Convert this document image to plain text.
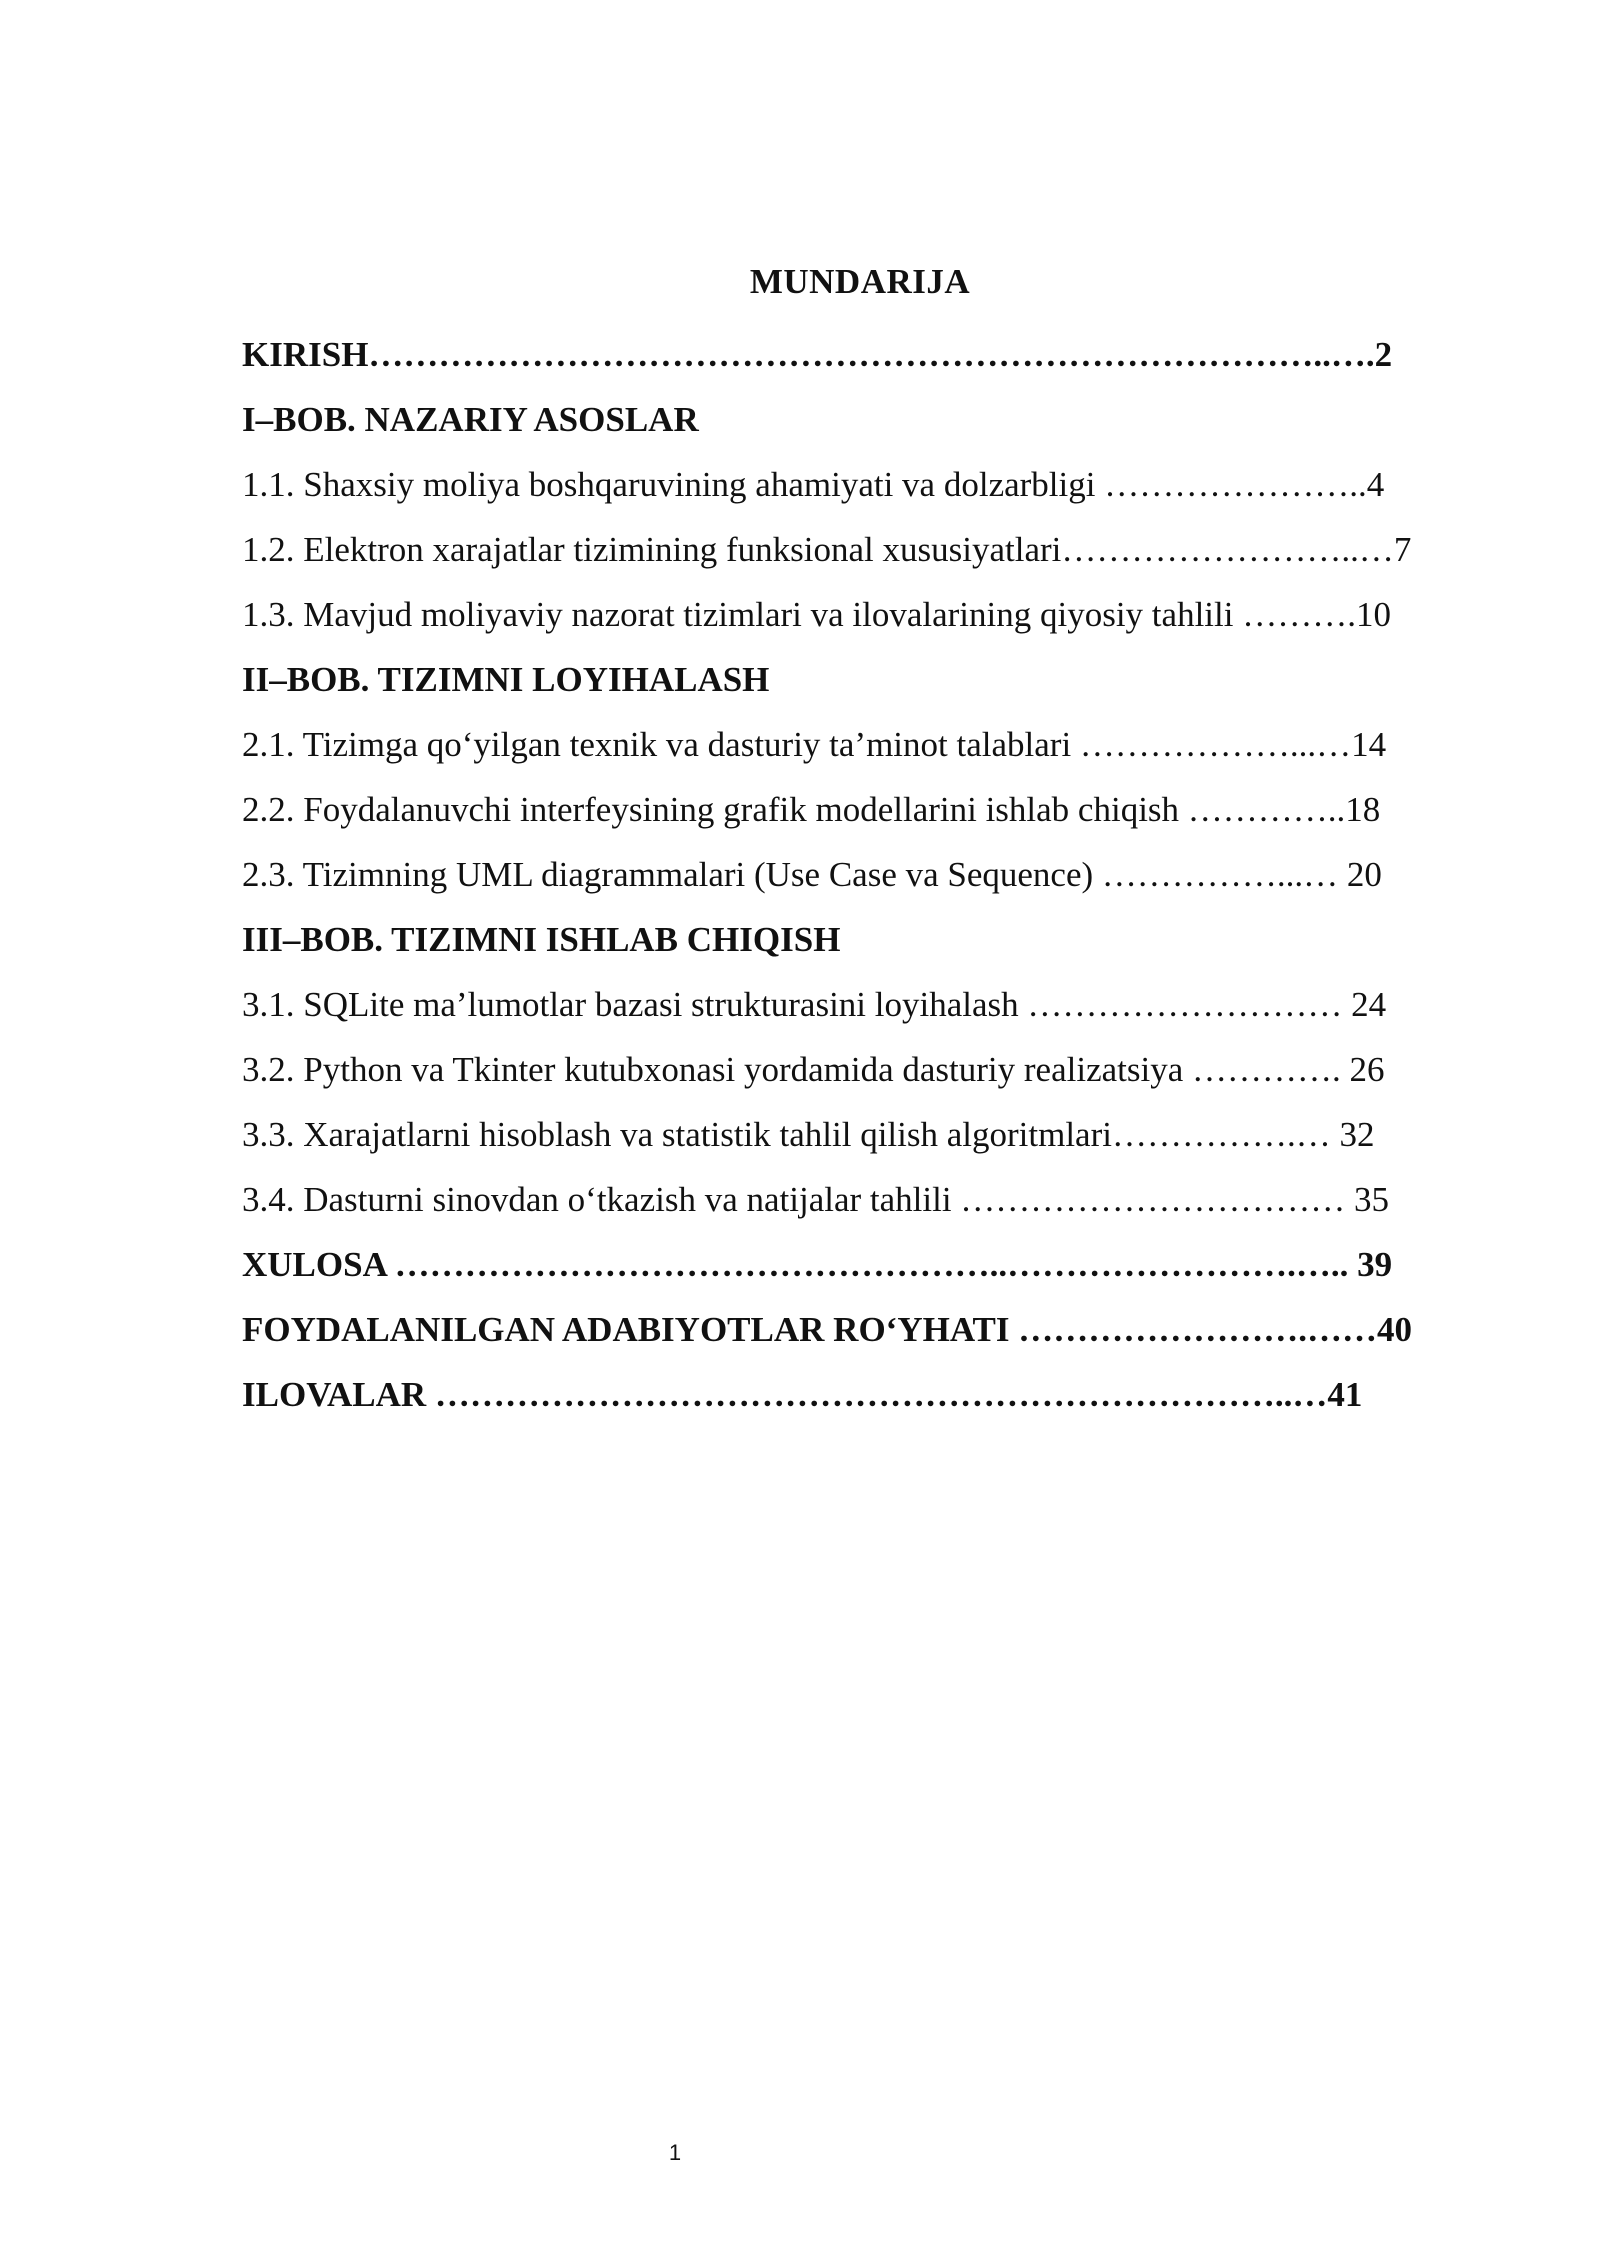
MUNDARIJA
KIRISH………………………………………………………………………..….2
I–BOB. NAZARIY ASOSLAR
1.1. Shaxsiy moliya boshqaruvining ahamiyati va dolzarbligi …………………..4
1.2. Elektron xarajatlar tizimining funksional xususiyatlari……………………..…7
1.3. Mavjud moliyaviy nazorat tizimlari va ilovalarining qiyosiy tahlili ……….10
II–BOB. TIZIMNI LOYIHALASH
2.1. Tizimga qo‘yilgan texnik va dasturiy ta’minot talablari ………………...…14
2.2. Foydalanuvchi interfeysining grafik modellarini ishlab chiqish …………..18
2.3. Tizimning UML diagrammalari (Use Case va Sequence) ……………...… 20
III–BOB. TIZIMNI ISHLAB CHIQISH
3.1. SQLite ma’lumotlar bazasi strukturasini loyihalash ……………………… 24
3.2. Python va Tkinter kutubxonasi yordamida dasturiy realizatsiya …………. 26
3.3. Xarajatlarni hisoblash va statistik tahlil qilish algoritmlari…………….… 32
3.4. Dasturni sinovdan o‘tkazish va natijalar tahlili …………………………… 35
XULOSA ……………………………………………..…………………….….. 39
FOYDALANILGAN ADABIYOTLAR RO‘YHATI …………………….……40
ILOVALAR ………………………………………………………………..…41
1
